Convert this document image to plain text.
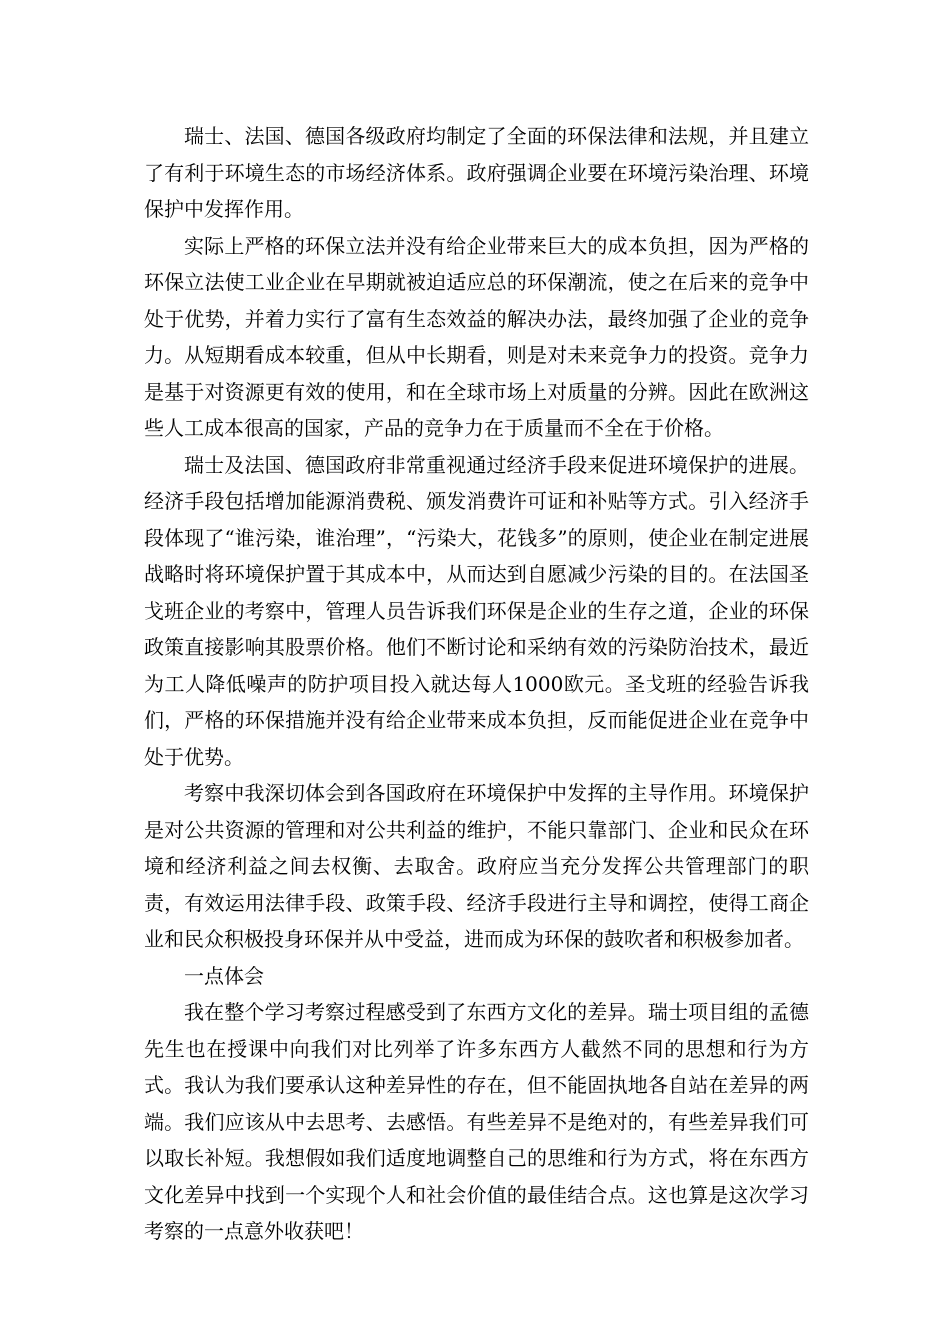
瑞士、法国、德国各级政府均制定了全面的环保法律和法规，并且建立了有利于环境生态的市场经济体系。政府强调企业要在环境污染治理、环境保护中发挥作用。

实际上严格的环保立法并没有给企业带来巨大的成本负担，因为严格的环保立法使工业企业在早期就被迫适应总的环保潮流，使之在后来的竞争中处于优势，并着力实行了富有生态效益的解决办法，最终加强了企业的竞争力。从短期看成本较重，但从中长期看，则是对未来竞争力的投资。竞争力是基于对资源更有效的使用，和在全球市场上对质量的分辨。因此在欧洲这些人工成本很高的国家，产品的竞争力在于质量而不全在于价格。

瑞士及法国、德国政府非常重视通过经济手段来促进环境保护的进展。经济手段包括增加能源消费税、颁发消费许可证和补贴等方式。引入经济手段体现了“谁污染，谁治理”，“污染大，花钱多”的原则，使企业在制定进展战略时将环境保护置于其成本中，从而达到自愿减少污染的目的。在法国圣戈班企业的考察中，管理人员告诉我们环保是企业的生存之道，企业的环保政策直接影响其股票价格。他们不断讨论和采纳有效的污染防治技术，最近为工人降低噪声的防护项目投入就达每人1000欧元。圣戈班的经验告诉我们，严格的环保措施并没有给企业带来成本负担，反而能促进企业在竞争中处于优势。

考察中我深切体会到各国政府在环境保护中发挥的主导作用。环境保护是对公共资源的管理和对公共利益的维护，不能只靠部门、企业和民众在环境和经济利益之间去权衡、去取舍。政府应当充分发挥公共管理部门的职责，有效运用法律手段、政策手段、经济手段进行主导和调控，使得工商企业和民众积极投身环保并从中受益，进而成为环保的鼓吹者和积极参加者。

一点体会

我在整个学习考察过程感受到了东西方文化的差异。瑞士项目组的孟德先生也在授课中向我们对比列举了许多东西方人截然不同的思想和行为方式。我认为我们要承认这种差异性的存在，但不能固执地各自站在差异的两端。我们应该从中去思考、去感悟。有些差异不是绝对的，有些差异我们可以取长补短。我想假如我们适度地调整自己的思维和行为方式，将在东西方文化差异中找到一个实现个人和社会价值的最佳结合点。这也算是这次学习考察的一点意外收获吧！
